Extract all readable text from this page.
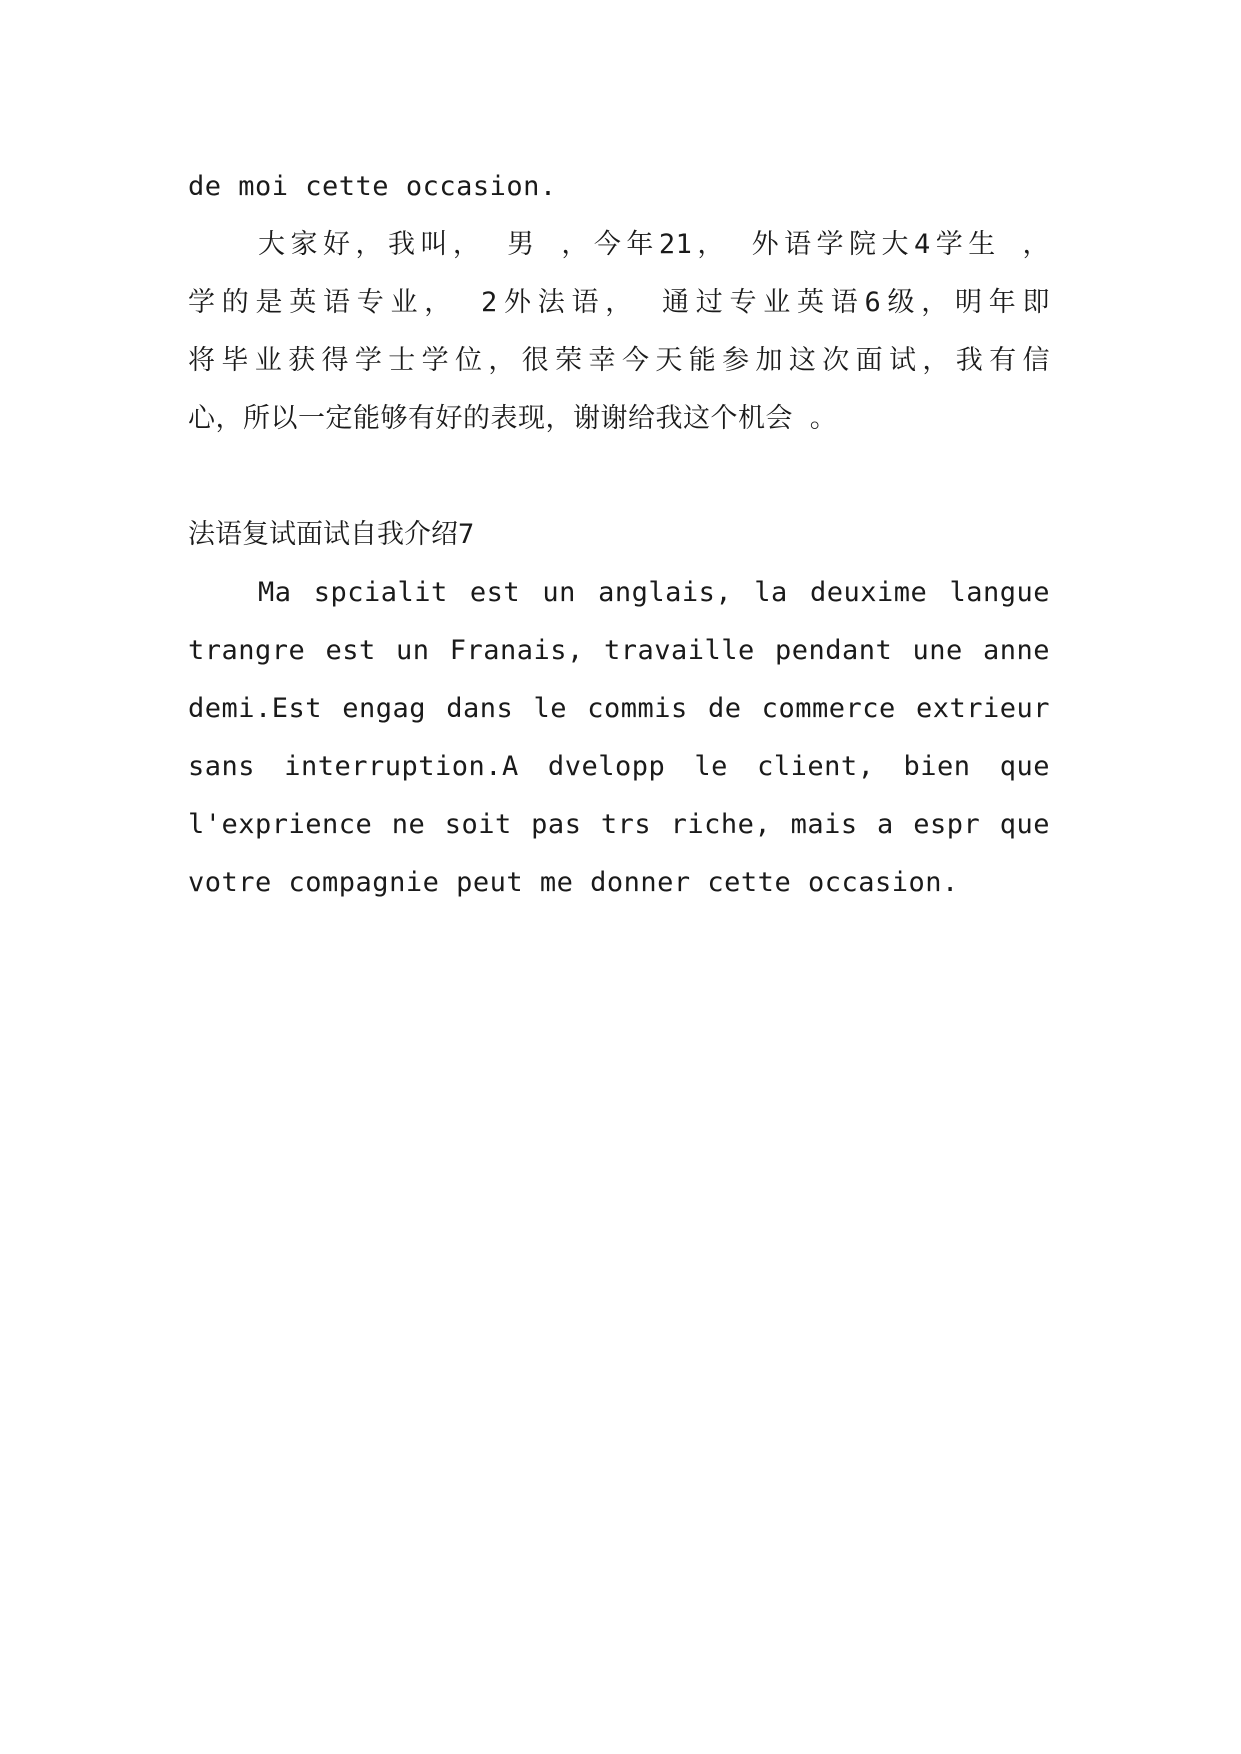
de moi cette occasion.
大家好，我叫， 男 ，今年21， 外语学院大4学生 ，
学的是英语专业， 2外法语， 通过专业英语6级，明年即
将毕业获得学士学位，很荣幸今天能参加这次面试，我有信
心，所以一定能够有好的表现，谢谢给我这个机会 。
法语复试面试自我介绍7
Ma spcialit est un anglais, la deuxime langue
trangre est un Franais, travaille pendant une anne
demi.Est engag dans le commis de commerce extrieur
sans interruption.A dvelopp le client, bien que
l'exprience ne soit pas trs riche, mais a espr que
votre compagnie peut me donner cette occasion.
